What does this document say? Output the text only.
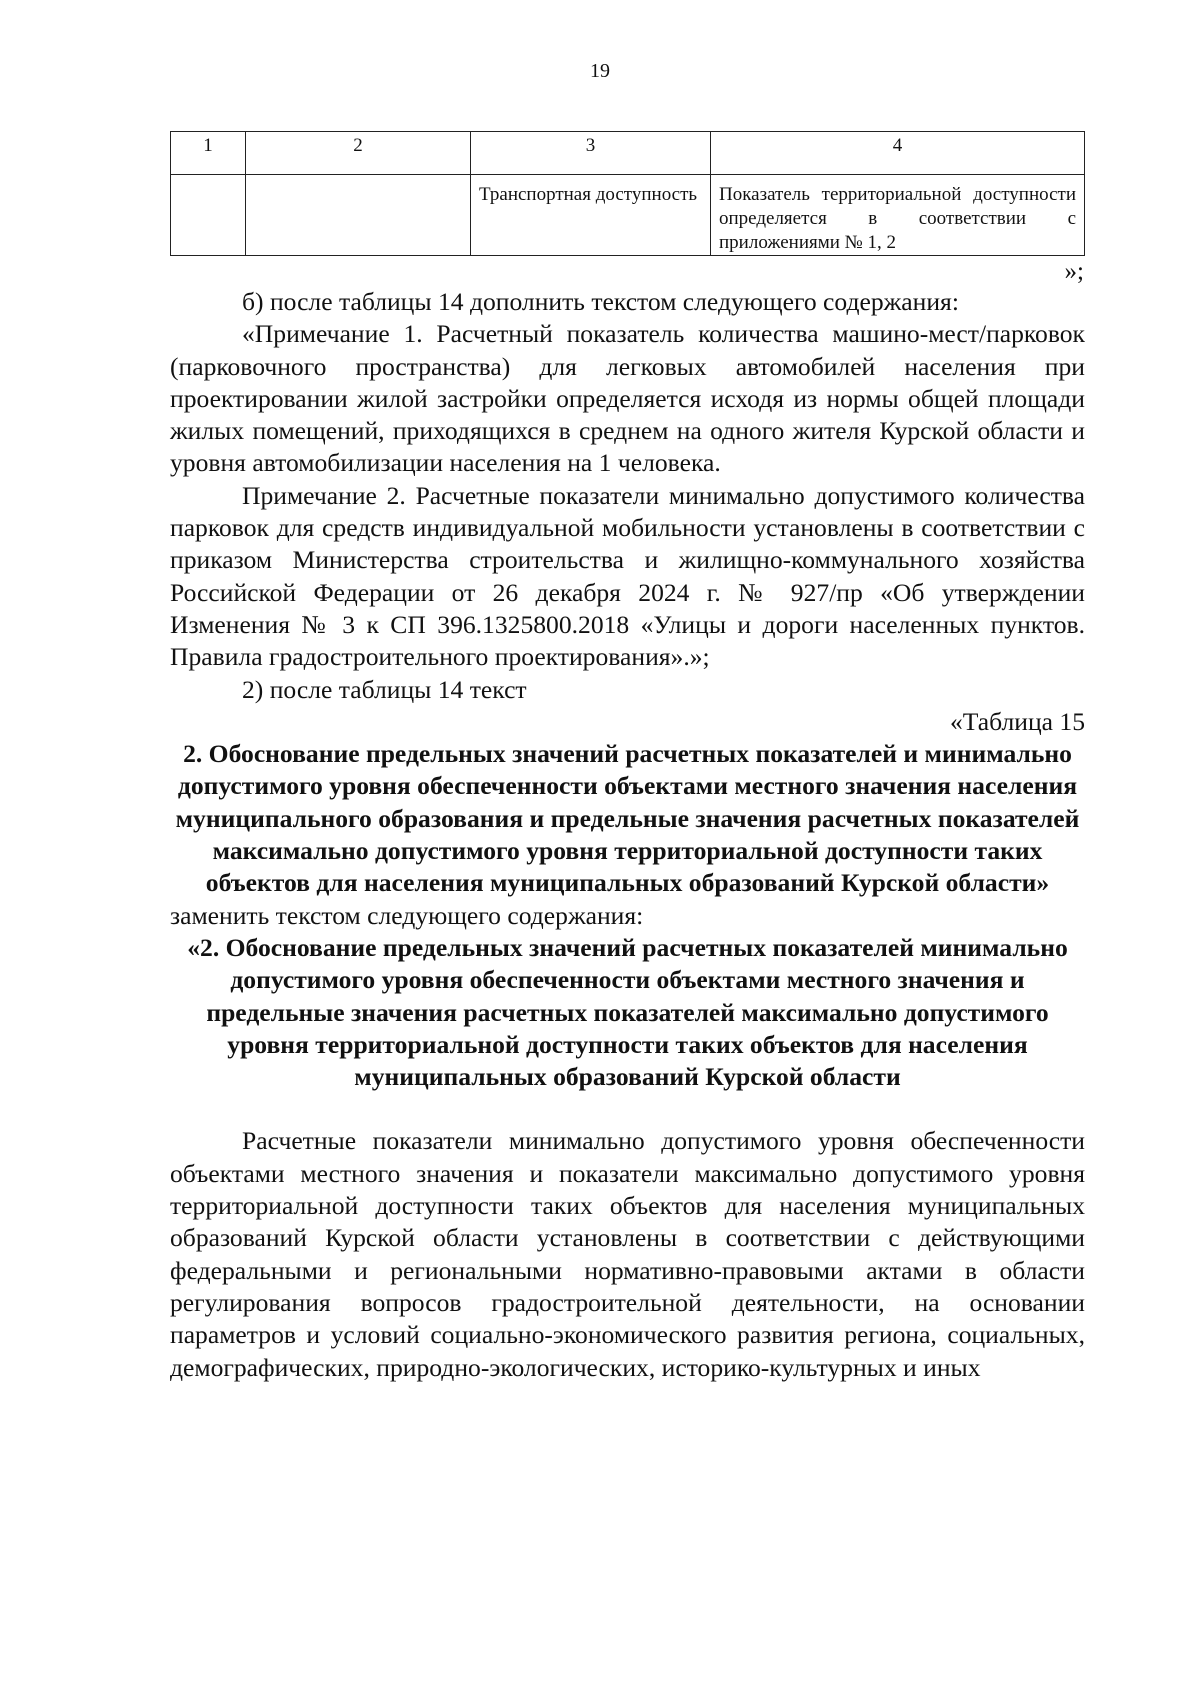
19
1	2	3	4
		Транспортная доступность	Показатель территориальной доступности определяется в соответствии с приложениями № 1, 2
»;

б) после таблицы 14 дополнить текстом следующего содержания:

«Примечание 1. Расчетный показатель количества машино-мест/парковок (парковочного пространства) для легковых автомобилей населения при проектировании жилой застройки определяется исходя из нормы общей площади жилых помещений, приходящихся в среднем на одного жителя Курской области и уровня автомобилизации населения на 1 человека.

Примечание 2. Расчетные показатели минимально допустимого количества парковок для средств индивидуальной мобильности установлены в соответствии с приказом Министерства строительства и жилищно-коммунального хозяйства Российской Федерации от 26 декабря 2024 г. № 927/пр «Об утверждении Изменения № 3 к СП 396.1325800.2018 «Улицы и дороги населенных пунктов. Правила градостроительного проектирования».»;

2) после таблицы 14 текст

«Таблица 15

2. Обоснование предельных значений расчетных показателей и минимально допустимого уровня обеспеченности объектами местного значения населения муниципального образования и предельные значения расчетных показателей максимально допустимого уровня территориальной доступности таких объектов для населения муниципальных образований Курской области»

заменить текстом следующего содержания:

«2. Обоснование предельных значений расчетных показателей минимально допустимого уровня обеспеченности объектами местного значения и предельные значения расчетных показателей максимально допустимого уровня территориальной доступности таких объектов для населения муниципальных образований Курской области

Расчетные показатели минимально допустимого уровня обеспеченности объектами местного значения и показатели максимально допустимого уровня территориальной доступности таких объектов для населения муниципальных образований Курской области установлены в соответствии с действующими федеральными и региональными нормативно-правовыми актами в области регулирования вопросов градостроительной деятельности, на основании параметров и условий социально-экономического развития региона, социальных, демографических, природно-экологических, историко-культурных и иных
